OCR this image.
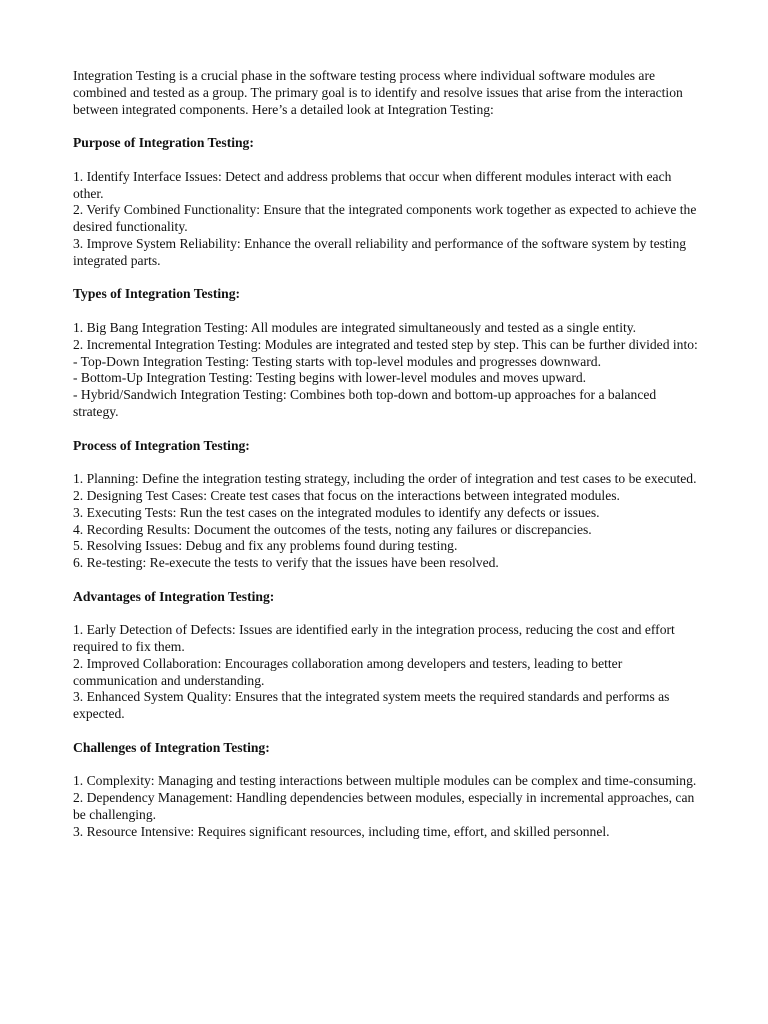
Integration Testing is a crucial phase in the software testing process where individual software modules are combined and tested as a group. The primary goal is to identify and resolve issues that arise from the interaction between integrated components. Here’s a detailed look at Integration Testing:

Purpose of Integration Testing:

1. Identify Interface Issues: Detect and address problems that occur when different modules interact with each other.

2. Verify Combined Functionality: Ensure that the integrated components work together as expected to achieve the desired functionality.

3. Improve System Reliability: Enhance the overall reliability and performance of the software system by testing integrated parts.

Types of Integration Testing:

1. Big Bang Integration Testing: All modules are integrated simultaneously and tested as a single entity.

2. Incremental Integration Testing: Modules are integrated and tested step by step. This can be further divided into:

- Top-Down Integration Testing: Testing starts with top-level modules and progresses downward.

- Bottom-Up Integration Testing: Testing begins with lower-level modules and moves upward.

- Hybrid/Sandwich Integration Testing: Combines both top-down and bottom-up approaches for a balanced strategy.

Process of Integration Testing:

1. Planning: Define the integration testing strategy, including the order of integration and test cases to be executed.

2. Designing Test Cases: Create test cases that focus on the interactions between integrated modules.

3. Executing Tests: Run the test cases on the integrated modules to identify any defects or issues.

4. Recording Results: Document the outcomes of the tests, noting any failures or discrepancies.

5. Resolving Issues: Debug and fix any problems found during testing.

6. Re-testing: Re-execute the tests to verify that the issues have been resolved.

Advantages of Integration Testing:

1. Early Detection of Defects: Issues are identified early in the integration process, reducing the cost and effort required to fix them.

2. Improved Collaboration: Encourages collaboration among developers and testers, leading to better communication and understanding.

3. Enhanced System Quality: Ensures that the integrated system meets the required standards and performs as expected.

Challenges of Integration Testing:

1. Complexity: Managing and testing interactions between multiple modules can be complex and time-consuming.

2. Dependency Management: Handling dependencies between modules, especially in incremental approaches, can be challenging.

3. Resource Intensive: Requires significant resources, including time, effort, and skilled personnel.
